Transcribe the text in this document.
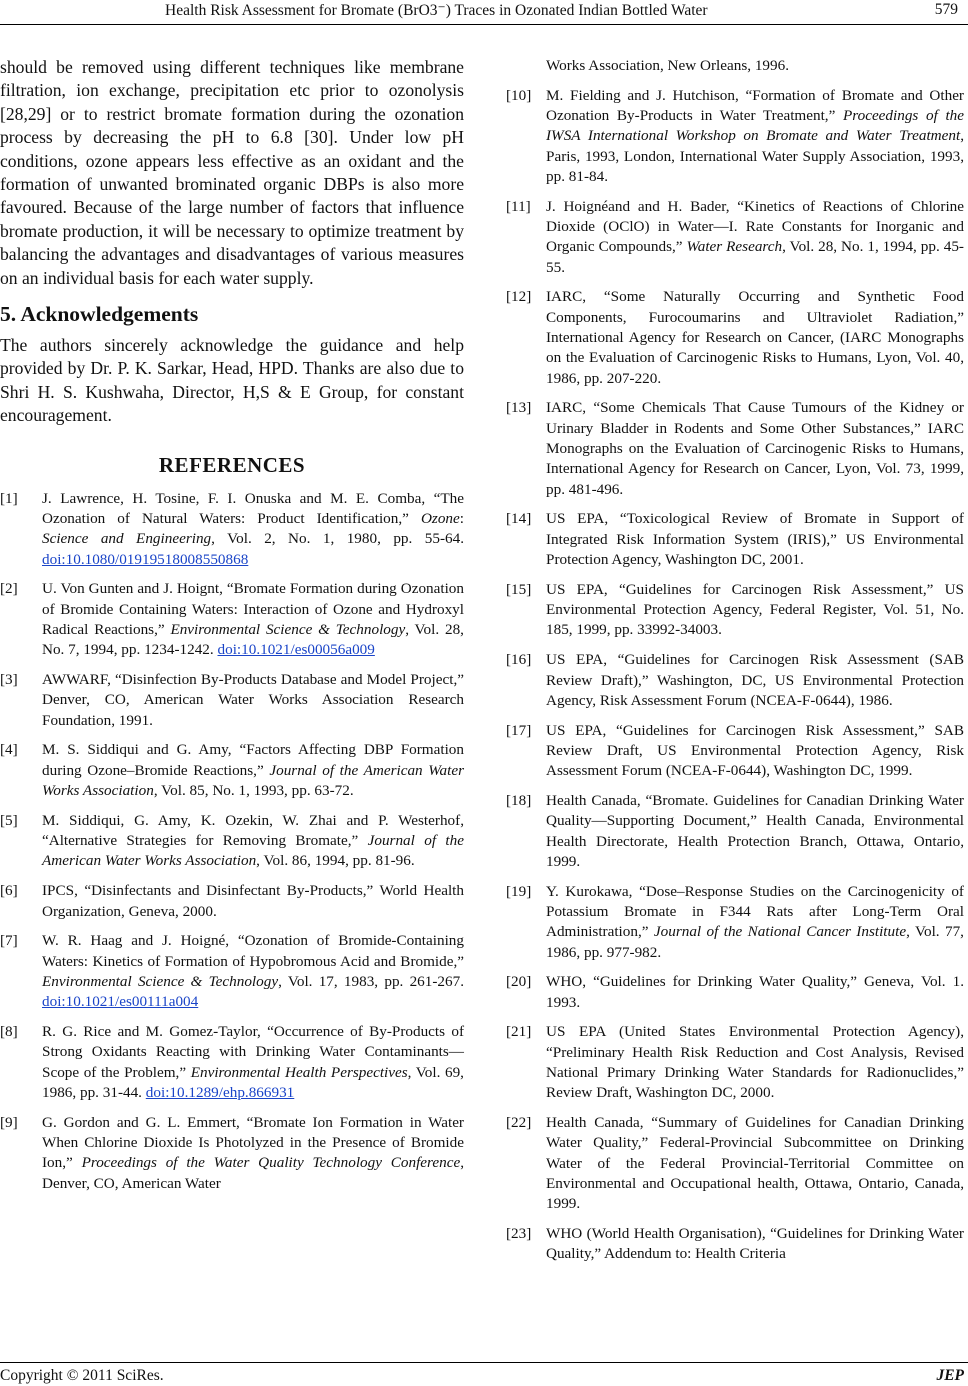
Health Risk Assessment for Bromate (BrO3⁻) Traces in Ozonated Indian Bottled Water	579

should be removed using different techniques like membrane filtration, ion exchange, precipitation etc prior to ozonolysis [28,29] or to restrict bromate formation during the ozonation process by decreasing the pH to 6.8 [30]. Under low pH conditions, ozone appears less effective as an oxidant and the formation of unwanted brominated organic DBPs is also more favoured. Because of the large number of factors that influence bromate production, it will be necessary to optimize treatment by balancing the advantages and disadvantages of various measures on an individual basis for each water supply.

5. Acknowledgements

The authors sincerely acknowledge the guidance and help provided by Dr. P. K. Sarkar, Head, HPD. Thanks are also due to Shri H. S. Kushwaha, Director, H,S & E Group, for constant encouragement.

REFERENCES
[1] J. Lawrence, H. Tosine, F. I. Onuska and M. E. Comba, “The Ozonation of Natural Waters: Product Identification,” Ozone: Science and Engineering, Vol. 2, No. 1, 1980, pp. 55-64. doi:10.1080/01919518008550868
[2] U. Von Gunten and J. Hoignt, “Bromate Formation during Ozonation of Bromide Containing Waters: Interaction of Ozone and Hydroxyl Radical Reactions,” Environmental Science & Technology, Vol. 28, No. 7, 1994, pp. 1234-1242. doi:10.1021/es00056a009
[3] AWWARF, “Disinfection By-Products Database and Model Project,” Denver, CO, American Water Works Association Research Foundation, 1991.
[4] M. S. Siddiqui and G. Amy, “Factors Affecting DBP Formation during Ozone–Bromide Reactions,” Journal of the American Water Works Association, Vol. 85, No. 1, 1993, pp. 63-72.
[5] M. Siddiqui, G. Amy, K. Ozekin, W. Zhai and P. Westerhof, “Alternative Strategies for Removing Bromate,” Journal of the American Water Works Association, Vol. 86, 1994, pp. 81-96.
[6] IPCS, “Disinfectants and Disinfectant By-Products,” World Health Organization, Geneva, 2000.
[7] W. R. Haag and J. Hoigné, “Ozonation of Bromide-Containing Waters: Kinetics of Formation of Hypobromous Acid and Bromide,” Environmental Science & Technology, Vol. 17, 1983, pp. 261-267. doi:10.1021/es00111a004
[8] R. G. Rice and M. Gomez-Taylor, “Occurrence of By-Products of Strong Oxidants Reacting with Drinking Water Contaminants—Scope of the Problem,” Environmental Health Perspectives, Vol. 69, 1986, pp. 31-44. doi:10.1289/ehp.866931
[9] G. Gordon and G. L. Emmert, “Bromate Ion Formation in Water When Chlorine Dioxide Is Photolyzed in the Presence of Bromide Ion,” Proceedings of the Water Quality Technology Conference, Denver, CO, American Water
Works Association, New Orleans, 1996.
[10] M. Fielding and J. Hutchison, “Formation of Bromate and Other Ozonation By-Products in Water Treatment,” Proceedings of the IWSA International Workshop on Bromate and Water Treatment, Paris, 1993, London, International Water Supply Association, 1993, pp. 81-84.
[11] J. Hoignéand and H. Bader, “Kinetics of Reactions of Chlorine Dioxide (OClO) in Water—I. Rate Constants for Inorganic and Organic Compounds,” Water Research, Vol. 28, No. 1, 1994, pp. 45-55.
[12] IARC, “Some Naturally Occurring and Synthetic Food Components, Furocoumarins and Ultraviolet Radiation,” International Agency for Research on Cancer, (IARC Monographs on the Evaluation of Carcinogenic Risks to Humans, Lyon, Vol. 40, 1986, pp. 207-220.
[13] IARC, “Some Chemicals That Cause Tumours of the Kidney or Urinary Bladder in Rodents and Some Other Substances,” IARC Monographs on the Evaluation of Carcinogenic Risks to Humans, International Agency for Research on Cancer, Lyon, Vol. 73, 1999, pp. 481-496.
[14] US EPA, “Toxicological Review of Bromate in Support of Integrated Risk Information System (IRIS),” US Environmental Protection Agency, Washington DC, 2001.
[15] US EPA, “Guidelines for Carcinogen Risk Assessment,” US Environmental Protection Agency, Federal Register, Vol. 51, No. 185, 1999, pp. 33992-34003.
[16] US EPA, “Guidelines for Carcinogen Risk Assessment (SAB Review Draft),” Washington, DC, US Environmental Protection Agency, Risk Assessment Forum (NCEA-F-0644), 1986.
[17] US EPA, “Guidelines for Carcinogen Risk Assessment,” SAB Review Draft, US Environmental Protection Agency, Risk Assessment Forum (NCEA-F-0644), Washington DC, 1999.
[18] Health Canada, “Bromate. Guidelines for Canadian Drinking Water Quality—Supporting Document,” Health Canada, Environmental Health Directorate, Health Protection Branch, Ottawa, Ontario, 1999.
[19] Y. Kurokawa, “Dose–Response Studies on the Carcinogenicity of Potassium Bromate in F344 Rats after Long-Term Oral Administration,” Journal of the National Cancer Institute, Vol. 77, 1986, pp. 977-982.
[20] WHO, “Guidelines for Drinking Water Quality,” Geneva, Vol. 1. 1993.
[21] US EPA (United States Environmental Protection Agency), “Preliminary Health Risk Reduction and Cost Analysis, Revised National Primary Drinking Water Standards for Radionuclides,” Review Draft, Washington DC, 2000.
[22] Health Canada, “Summary of Guidelines for Canadian Drinking Water Quality,” Federal-Provincial Subcommittee on Drinking Water of the Federal Provincial-Territorial Committee on Environmental and Occupational health, Ottawa, Ontario, Canada, 1999.
[23] WHO (World Health Organisation), “Guidelines for Drinking Water Quality,” Addendum to: Health Criteria
Copyright © 2011 SciRes.	JEP
